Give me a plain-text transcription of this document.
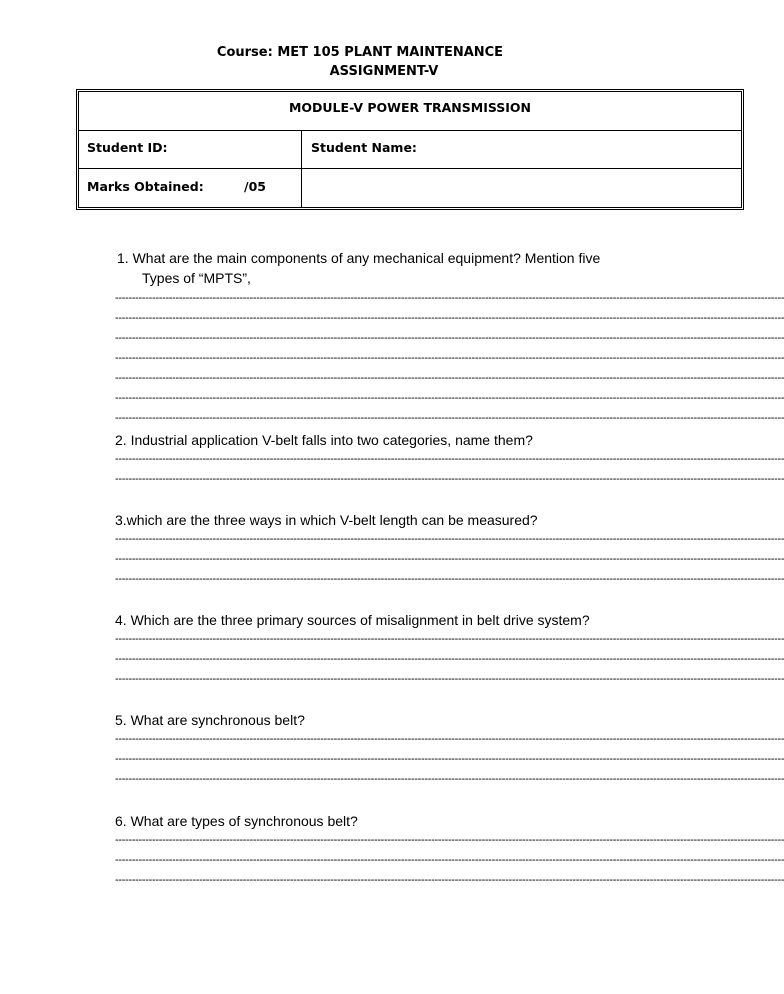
Course: MET 105 PLANT MAINTENANCE
ASSIGNMENT-V
MODULE-V POWER TRANSMISSION
Student ID:	Student Name:
Marks Obtained:	/05
1. What are the main components of any mechanical equipment? Mention five
Types of “MPTS”,
-------------------------------------------------------------------------------------------------------------------------------------------------------------------------------------------------------
-------------------------------------------------------------------------------------------------------------------------------------------------------------------------------------------------------
-------------------------------------------------------------------------------------------------------------------------------------------------------------------------------------------------------
-------------------------------------------------------------------------------------------------------------------------------------------------------------------------------------------------------
-------------------------------------------------------------------------------------------------------------------------------------------------------------------------------------------------------
-------------------------------------------------------------------------------------------------------------------------------------------------------------------------------------------------------
-------------------------------------------------------------------------------------------------------------------------------------------------------------------------------------------------------
2. Industrial application V-belt falls into two categories, name them?
-------------------------------------------------------------------------------------------------------------------------------------------------------------------------------------------------------
-------------------------------------------------------------------------------------------------------------------------------------------------------------------------------------------------------
3.which are the three ways in which V-belt length can be measured?
-------------------------------------------------------------------------------------------------------------------------------------------------------------------------------------------------------
-------------------------------------------------------------------------------------------------------------------------------------------------------------------------------------------------------
-------------------------------------------------------------------------------------------------------------------------------------------------------------------------------------------------------
4. Which are the three primary sources of misalignment in belt drive system?
-------------------------------------------------------------------------------------------------------------------------------------------------------------------------------------------------------
-------------------------------------------------------------------------------------------------------------------------------------------------------------------------------------------------------
-------------------------------------------------------------------------------------------------------------------------------------------------------------------------------------------------------
5. What are synchronous belt?
-------------------------------------------------------------------------------------------------------------------------------------------------------------------------------------------------------
-------------------------------------------------------------------------------------------------------------------------------------------------------------------------------------------------------
-------------------------------------------------------------------------------------------------------------------------------------------------------------------------------------------------------
6. What are types of synchronous belt?
-------------------------------------------------------------------------------------------------------------------------------------------------------------------------------------------------------
-------------------------------------------------------------------------------------------------------------------------------------------------------------------------------------------------------
-------------------------------------------------------------------------------------------------------------------------------------------------------------------------------------------------------
